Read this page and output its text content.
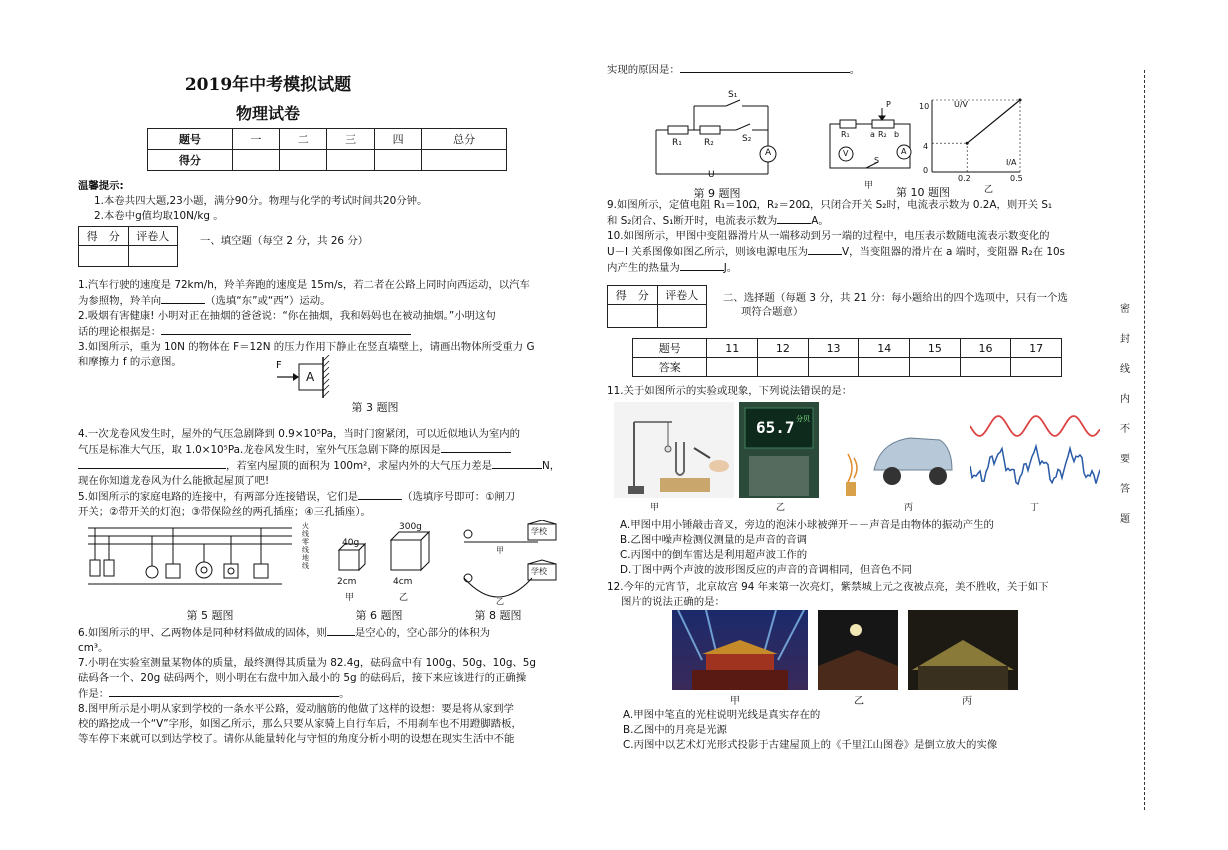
2019年中考模拟试题
物理试卷
题号	一	二	三	四	总分
得分					
温馨提示:
1.本卷共四大题,23小题，满分90分。物理与化学的考试时间共20分钟。
2.本卷中g值均取10N/kg 。
得　分	评卷人
		一、填空题（每空 2 分，共 26 分）

1.汽车行驶的速度是 72km/h，羚羊奔跑的速度是 15m/s，若二者在公路上同时向西运动，以汽车
为参照物，羚羊向	（选填“东”或“西”）运动。

2.吸烟有害健康! 小明对正在抽烟的爸爸说：“你在抽烟，我和妈妈也在被动抽烟。”小明这句
话的理论根据是：

3.如图所示，重为 10N 的物体在 F＝12N 的压力作用下静止在竖直墙壁上，请画出物体所受重力 G
和摩擦力 f 的示意图。	F
A
第 3 题图

4.一次龙卷风发生时，屋外的气压急剧降到 0.9×10⁵Pa，当时门窗紧闭，可以近似地认为室内的
气压是标准大气压，取 1.0×10⁵Pa.龙卷风发生时，室外气压急剧下降的原因是
，若室内屋顶的面积为 100m²，求屋内外的大气压力差是	N，
现在你知道龙卷风为什么能掀起屋顶了吧!

5.如图所示的家庭电路的连接中，有两部分连接错误，它们是	（选填序号即可：①闸刀
开关；②带开关的灯泡；③带保险丝的两孔插座；④三孔插座）。

火线
零线
地线
第 5 题图
40g
300g
2cm	4cm
甲	乙
第 6 题图
学校
学校
甲
乙
第 8 题图

6.如图所示的甲、乙两物体是同种材料做成的固体，则	是空心的，空心部分的体积为
cm³。

7.小明在实验室测量某物体的质量，最终测得其质量为 82.4g，砝码盒中有 100g、50g、10g、5g
砝码各一个、20g 砝码两个，则小明在右盘中加入最小的 5g 的砝码后，接下来应该进行的正确操
作是：	。

8.图甲所示是小明从家到学校的一条水平公路，爱动脑筋的他做了这样的设想：要是将从家到学
校的路挖成一个“V”字形，如图乙所示，那么只要从家骑上自行车后，不用刹车也不用蹬脚踏板，
等车停下来就可以到达学校了。请你从能量转化与守恒的角度分析小明的设想在现实生活中不能

实现的原因是：	。

S₁
R₁ R₂	S₂
A
U
第 9 题图
R₁	R₂
a b
P
V	A
S
甲
U/V
I/A
10
4
0
0.2	0.5
乙
第 10 题图

9.如图所示，定值电阻 R₁＝10Ω，R₂＝20Ω，只闭合开关 S₂时，电流表示数为 0.2A，则开关 S₁
和 S₂闭合、S₁断开时，电流表示数为	A。

10.如图所示，甲图中变阻器滑片从一端移动到另一端的过程中，电压表示数随电流表示数变化的
U－I 关系图像如图乙所示，则该电源电压为	V，当变阻器的滑片在 a 端时，变阻器 R₂在 10s
内产生的热量为	J。

得　分	评卷人
	二、选择题（每题 3 分，共 21 分：每小题给出的四个选项中，只有一个选
项符合题意）
题号	11	12	13	14	15	16	17
答案							
11.关于如图所示的实验或现象，下列说法错误的是：
65.7 分贝
甲	乙	丙	丁
A.甲图中用小锤敲击音叉，旁边的泡沫小球被弹开－－声音是由物体的振动产生的
B.乙图中噪声检测仪测量的是声音的音调
C.丙图中的倒车雷达是利用超声波工作的
D.丁图中两个声波的波形图反应的声音的音调相同，但音色不同
12.今年的元宵节，北京故宫 94 年来第一次亮灯，紫禁城上元之夜被点亮，美不胜收，关于如下
图片的说法正确的是：
甲	乙	丙
A.甲图中笔直的光柱说明光线是真实存在的
B.乙图中的月亮是光源
C.丙图中以艺术灯光形式投影于古建屋顶上的《千里江山图卷》是倒立放大的实像
密
封
线
内
不
要
答
题
